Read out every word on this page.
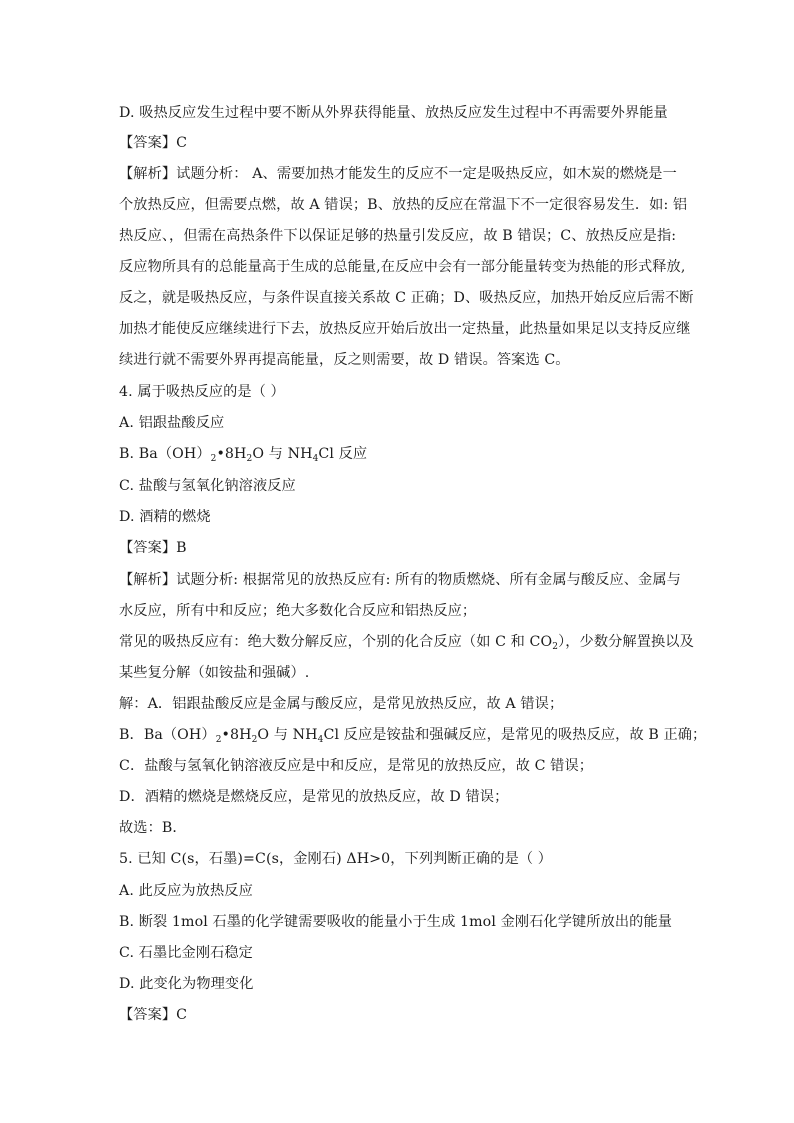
D. 吸热反应发生过程中要不断从外界获得能量、放热反应发生过程中不再需要外界能量
【答案】C
【解析】试题分析： A、需要加热才能发生的反应不一定是吸热反应，如木炭的燃烧是一
个放热反应，但需要点燃，故 A 错误；B、放热的反应在常温下不一定很容易发生．如: 铝
热反应、，但需在高热条件下以保证足够的热量引发反应，故 B 错误；C、放热反应是指:
反应物所具有的总能量高于生成的总能量,在反应中会有一部分能量转变为热能的形式释放,
反之，就是吸热反应，与条件误直接关系故 C 正确；D、吸热反应，加热开始反应后需不断
加热才能使反应继续进行下去，放热反应开始后放出一定热量，此热量如果足以支持反应继
续进行就不需要外界再提高能量，反之则需要，故 D 错误。答案选 C。
4. 属于吸热反应的是（ ）
A. 铝跟盐酸反应
B. $Ba(OH)_2•8H_2O$ 与 $NH_4Cl$ 反应
C. 盐酸与氢氧化钠溶液反应
D. 酒精的燃烧
【答案】B
【解析】试题分析: 根据常见的放热反应有: 所有的物质燃烧、所有金属与酸反应、金属与
水反应，所有中和反应；绝大多数化合反应和铝热反应；
常见的吸热反应有：绝大数分解反应，个别的化合反应（如 C 和 $CO_2$），少数分解置换以及
某些复分解（如铵盐和强碱）.
解：A．铝跟盐酸反应是金属与酸反应，是常见放热反应，故 A 错误；
B．$Ba(OH)_2•8H_2O$ 与 $NH_4Cl$ 反应是铵盐和强碱反应，是常见的吸热反应，故 B 正确；
C．盐酸与氢氧化钠溶液反应是中和反应，是常见的放热反应，故 C 错误；
D．酒精的燃烧是燃烧反应，是常见的放热反应，故 D 错误；
故选：B．
5. 已知 C(s，石墨)=C(s，金刚石) ΔH>0，下列判断正确的是（ ）
A. 此反应为放热反应
B. 断裂 1mol 石墨的化学键需要吸收的能量小于生成 1mol 金刚石化学键所放出的能量
C. 石墨比金刚石稳定
D. 此变化为物理变化
【答案】C
